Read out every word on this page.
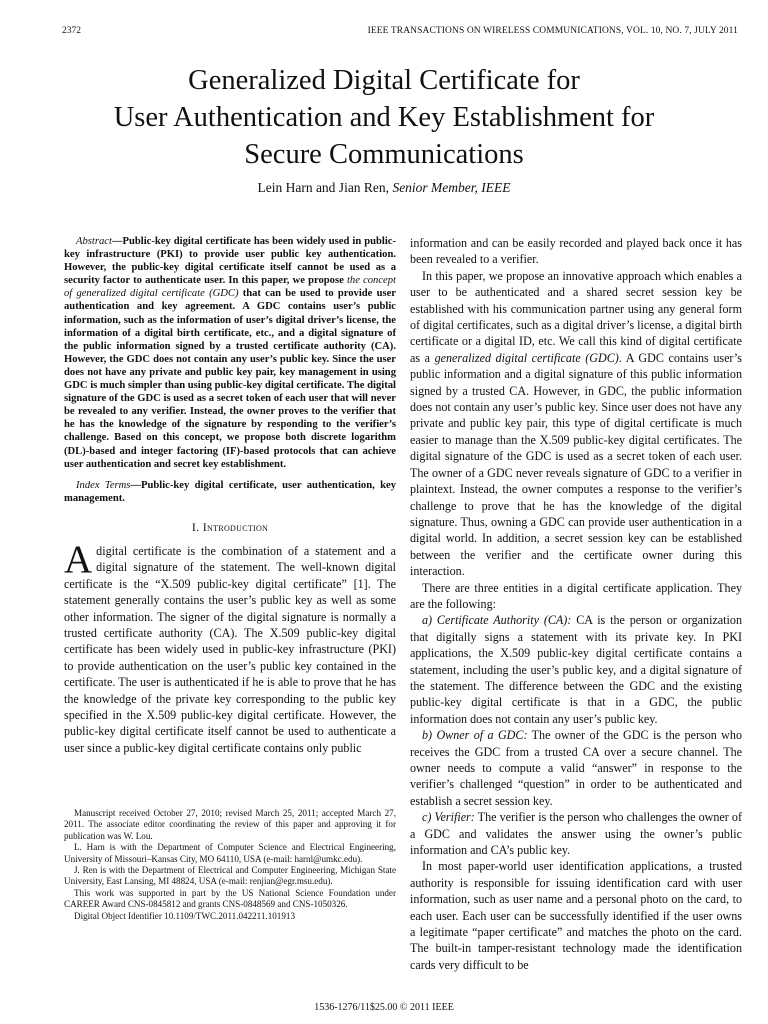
2372	IEEE TRANSACTIONS ON WIRELESS COMMUNICATIONS, VOL. 10, NO. 7, JULY 2011
Generalized Digital Certificate for
User Authentication and Key Establishment for
Secure Communications
Lein Harn and Jian Ren, Senior Member, IEEE

Abstract—Public-key digital certificate has been widely used in public-key infrastructure (PKI) to provide user public key authentication. However, the public-key digital certificate itself cannot be used as a security factor to authenticate user. In this paper, we propose the concept of generalized digital certificate (GDC) that can be used to provide user authentication and key agreement. A GDC contains user’s public information, such as the information of user’s digital driver’s license, the information of a digital birth certificate, etc., and a digital signature of the public information signed by a trusted certificate authority (CA). However, the GDC does not contain any user’s public key. Since the user does not have any private and public key pair, key management in using GDC is much simpler than using public-key digital certificate. The digital signature of the GDC is used as a secret token of each user that will never be revealed to any verifier. Instead, the owner proves to the verifier that he has the knowledge of the signature by responding to the verifier’s challenge. Based on this concept, we propose both discrete logarithm (DL)-based and integer factoring (IF)-based protocols that can achieve user authentication and secret key establishment.

Index Terms—Public-key digital certificate, user authentication, key management.

I. Introduction

A digital certificate is the combination of a statement and a digital signature of the statement. The well-known digital certificate is the “X.509 public-key digital certificate” [1]. The statement generally contains the user’s public key as well as some other information. The signer of the digital signature is normally a trusted certificate authority (CA). The X.509 public-key digital certificate has been widely used in public-key infrastructure (PKI) to provide authentication on the user’s public key contained in the certificate. The user is authenticated if he is able to prove that he has the knowledge of the private key corresponding to the public key specified in the X.509 public-key digital certificate. However, the public-key digital certificate itself cannot be used to authenticate a user since a public-key digital certificate contains only public

Manuscript received October 27, 2010; revised March 25, 2011; accepted March 27, 2011. The associate editor coordinating the review of this paper and approving it for publication was W. Lou.

L. Harn is with the Department of Computer Science and Electrical Engineering, University of Missouri–Kansas City, MO 64110, USA (e-mail: harnl@umkc.edu).

J. Ren is with the Department of Electrical and Computer Engineering, Michigan State University, East Lansing, MI 48824, USA (e-mail: renjian@egr.msu.edu).

This work was supported in part by the US National Science Foundation under CAREER Award CNS-0845812 and grants CNS-0848569 and CNS-1050326.

Digital Object Identifier 10.1109/TWC.2011.042211.101913

information and can be easily recorded and played back once it has been revealed to a verifier.

In this paper, we propose an innovative approach which enables a user to be authenticated and a shared secret session key be established with his communication partner using any general form of digital certificates, such as a digital driver’s license, a digital birth certificate or a digital ID, etc. We call this kind of digital certificate as a generalized digital certificate (GDC). A GDC contains user’s public information and a digital signature of this public information signed by a trusted CA. However, in GDC, the public information does not contain any user’s public key. Since user does not have any private and public key pair, this type of digital certificate is much easier to manage than the X.509 public-key digital certificates. The digital signature of the GDC is used as a secret token of each user. The owner of a GDC never reveals signature of GDC to a verifier in plaintext. Instead, the owner computes a response to the verifier’s challenge to prove that he has the knowledge of the digital signature. Thus, owning a GDC can provide user authentication in a digital world. In addition, a secret session key can be established between the verifier and the certificate owner during this interaction.

There are three entities in a digital certificate application. They are the following:

a) Certificate Authority (CA): CA is the person or organization that digitally signs a statement with its private key. In PKI applications, the X.509 public-key digital certificate contains a statement, including the user’s public key, and a digital signature of the statement. The difference between the GDC and the existing public-key digital certificate is that in a GDC, the public information does not contain any user’s public key.

b) Owner of a GDC: The owner of the GDC is the person who receives the GDC from a trusted CA over a secure channel. The owner needs to compute a valid “answer” in response to the verifier’s challenged “question” in order to be authenticated and establish a secret session key.

c) Verifier: The verifier is the person who challenges the owner of a GDC and validates the answer using the owner’s public information and CA’s public key.

In most paper-world user identification applications, a trusted authority is responsible for issuing identification card with user information, such as user name and a personal photo on the card, to each user. Each user can be successfully identified if the user owns a legitimate “paper certificate” and matches the photo on the card. The built-in tamper-resistant technology made the identification cards very difficult to be

1536-1276/11$25.00 © 2011 IEEE
